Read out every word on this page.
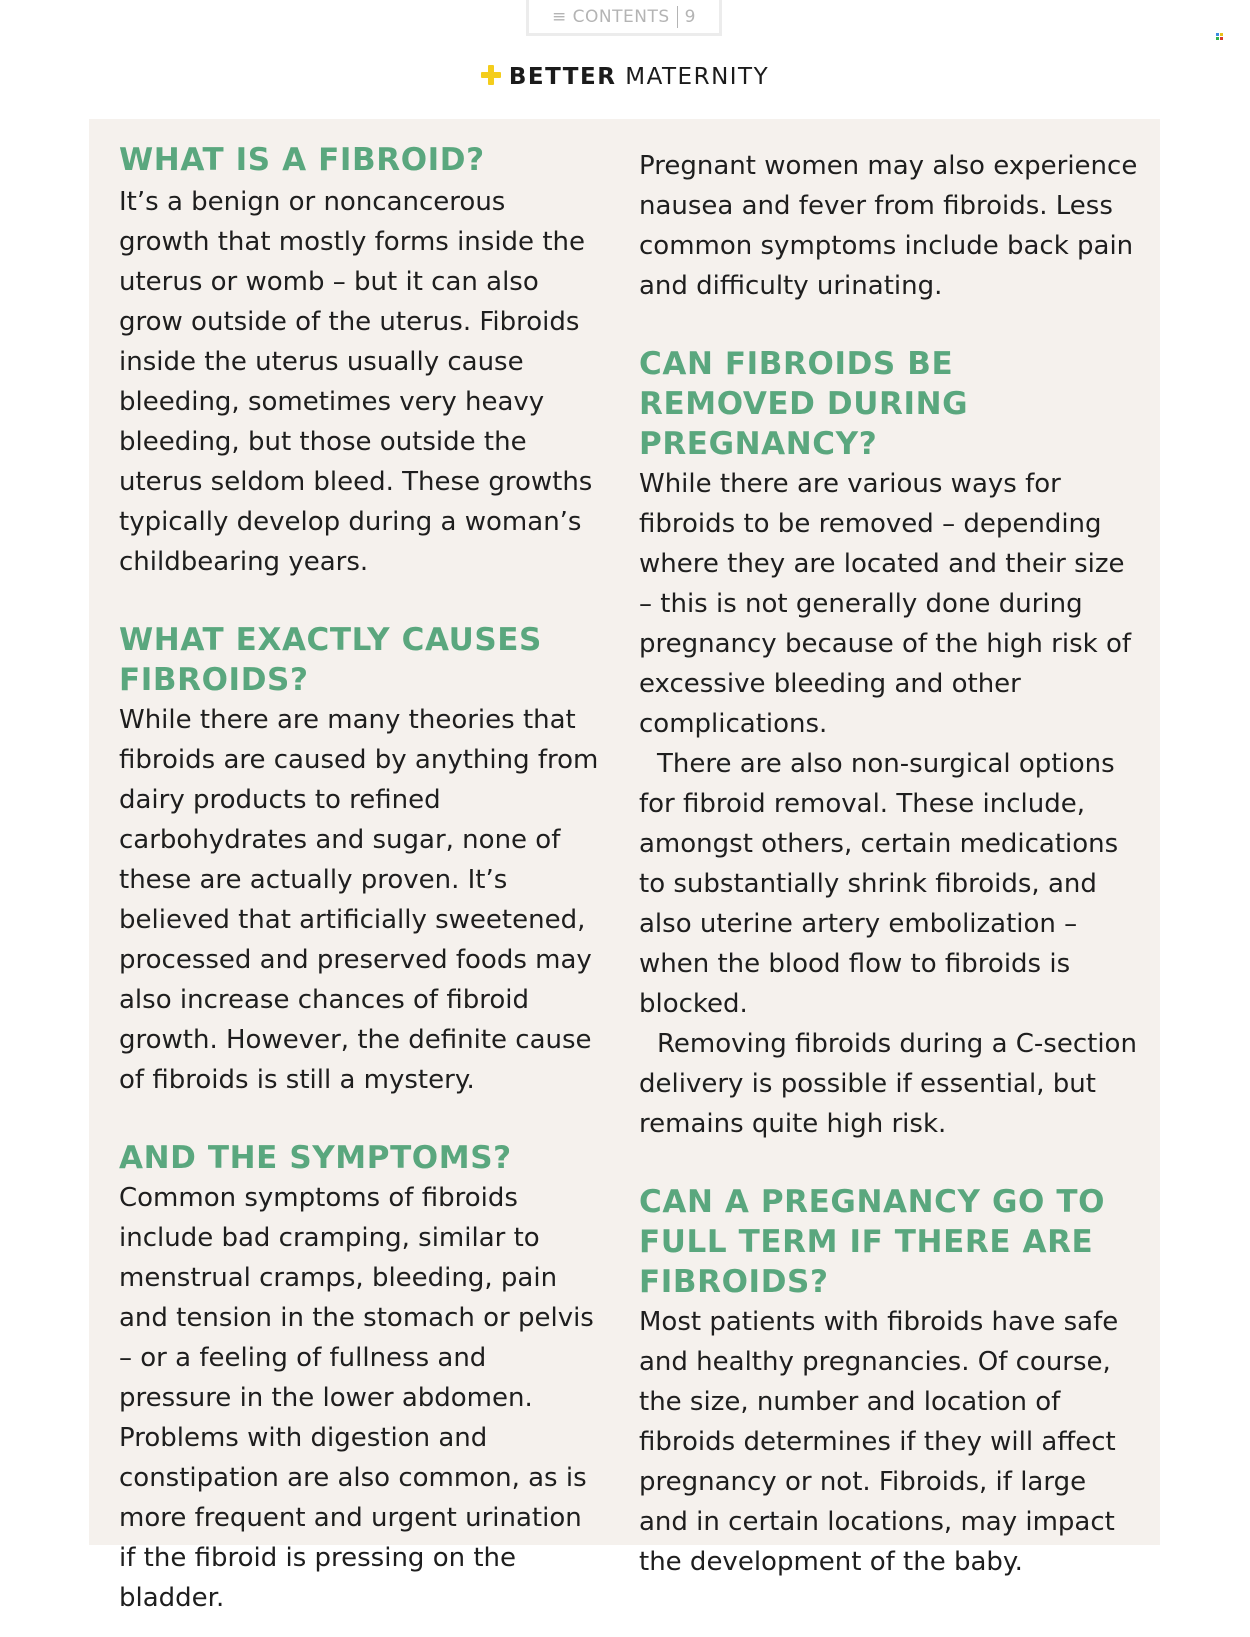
≡ CONTENTS 9
BETTER MATERNITY
WHAT IS A FIBROID?

It’s a benign or noncancerous growth that mostly forms inside the uterus or womb – but it can also grow outside of the uterus. Fibroids inside the uterus usually cause bleeding, sometimes very heavy bleeding, but those outside the uterus seldom bleed. These growths typically develop during a woman’s childbearing years.

WHAT EXACTLY CAUSES FIBROIDS?

While there are many theories that fibroids are caused by anything from dairy products to refined carbohydrates and sugar, none of these are actually proven. It’s believed that artificially sweetened, processed and preserved foods may also increase chances of fibroid growth. However, the definite cause of fibroids is still a mystery.

AND THE SYMPTOMS?

Common symptoms of fibroids include bad cramping, similar to menstrual cramps, bleeding, pain and tension in the stomach or pelvis – or a feeling of fullness and pressure in the lower abdomen. Problems with digestion and constipation are also common, as is more frequent and urgent urination if the fibroid is pressing on the bladder.

Pregnant women may also experience nausea and fever from fibroids. Less common symptoms include back pain and difficulty urinating.

CAN FIBROIDS BE REMOVED DURING PREGNANCY?

While there are various ways for fibroids to be removed – depending where they are located and their size – this is not generally done during pregnancy because of the high risk of excessive bleeding and other complications.

There are also non-surgical options for fibroid removal. These include, amongst others, certain medications to substantially shrink fibroids, and also uterine artery embolization – when the blood flow to fibroids is blocked.

Removing fibroids during a C-section delivery is possible if essential, but remains quite high risk.

CAN A PREGNANCY GO TO FULL TERM IF THERE ARE FIBROIDS?

Most patients with fibroids have safe and healthy pregnancies. Of course, the size, number and location of fibroids determines if they will affect pregnancy or not. Fibroids, if large and in certain locations, may impact the development of the baby.
